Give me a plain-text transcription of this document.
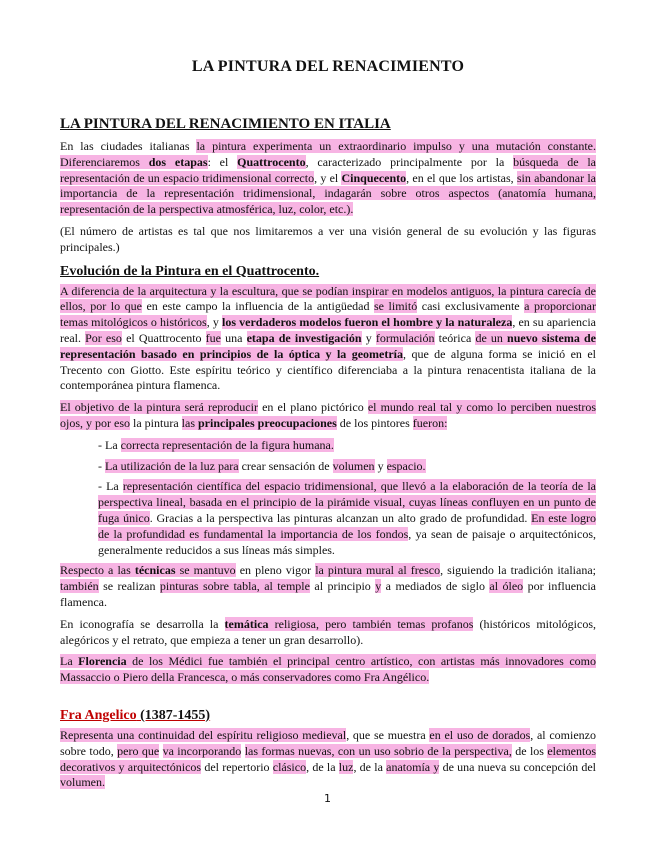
LA PINTURA DEL RENACIMIENTO
LA PINTURA DEL RENACIMIENTO EN ITALIA

En las ciudades italianas la pintura experimenta un extraordinario impulso y una mutación constante. Diferenciaremos dos etapas: el Quattrocento, caracterizado principalmente por la búsqueda de la representación de un espacio tridimensional correcto, y el Cinquecento, en el que los artistas, sin abandonar la importancia de la representación tridimensional, indagarán sobre otros aspectos (anatomía humana, representación de la perspectiva atmosférica, luz, color, etc.).

(El número de artistas es tal que nos limitaremos a ver una visión general de su evolución y las figuras principales.)

Evolución de la Pintura en el Quattrocento.

A diferencia de la arquitectura y la escultura, que se podían inspirar en modelos antiguos, la pintura carecía de ellos, por lo que en este campo la influencia de la antigüedad se limitó casi exclusivamente a proporcionar temas mitológicos o históricos, y los verdaderos modelos fueron el hombre y la naturaleza, en su apariencia real. Por eso el Quattrocento fue una etapa de investigación y formulación teórica de un nuevo sistema de representación basado en principios de la óptica y la geometría, que de alguna forma se inició en el Trecento con Giotto. Este espíritu teórico y científico diferenciaba a la pintura renacentista italiana de la contemporánea pintura flamenca.

El objetivo de la pintura será reproducir en el plano pictórico el mundo real tal y como lo perciben nuestros ojos, y por eso la pintura las principales preocupaciones de los pintores fueron:

- La correcta representación de la figura humana.

- La utilización de la luz para crear sensación de volumen y espacio.

- La representación científica del espacio tridimensional, que llevó a la elaboración de la teoría de la perspectiva lineal, basada en el principio de la pirámide visual, cuyas líneas confluyen en un punto de fuga único. Gracias a la perspectiva las pinturas alcanzan un alto grado de profundidad. En este logro de la profundidad es fundamental la importancia de los fondos, ya sean de paisaje o arquitectónicos, generalmente reducidos a sus líneas más simples.

Respecto a las técnicas se mantuvo en pleno vigor la pintura mural al fresco, siguiendo la tradición italiana; también se realizan pinturas sobre tabla, al temple al principio y a mediados de siglo al óleo por influencia flamenca.

En iconografía se desarrolla la temática religiosa, pero también temas profanos (históricos mitológicos, alegóricos y el retrato, que empieza a tener un gran desarrollo).

La Florencia de los Médici fue también el principal centro artístico, con artistas más innovadores como Massaccio o Piero della Francesca, o más conservadores como Fra Angélico.

Fra Angelico (1387-1455)

Representa una continuidad del espíritu religioso medieval, que se muestra en el uso de dorados, al comienzo sobre todo, pero que va incorporando las formas nuevas, con un uso sobrio de la perspectiva, de los elementos decorativos y arquitectónicos del repertorio clásico, de la luz, de la anatomía y de una nueva su concepción del volumen.

1
